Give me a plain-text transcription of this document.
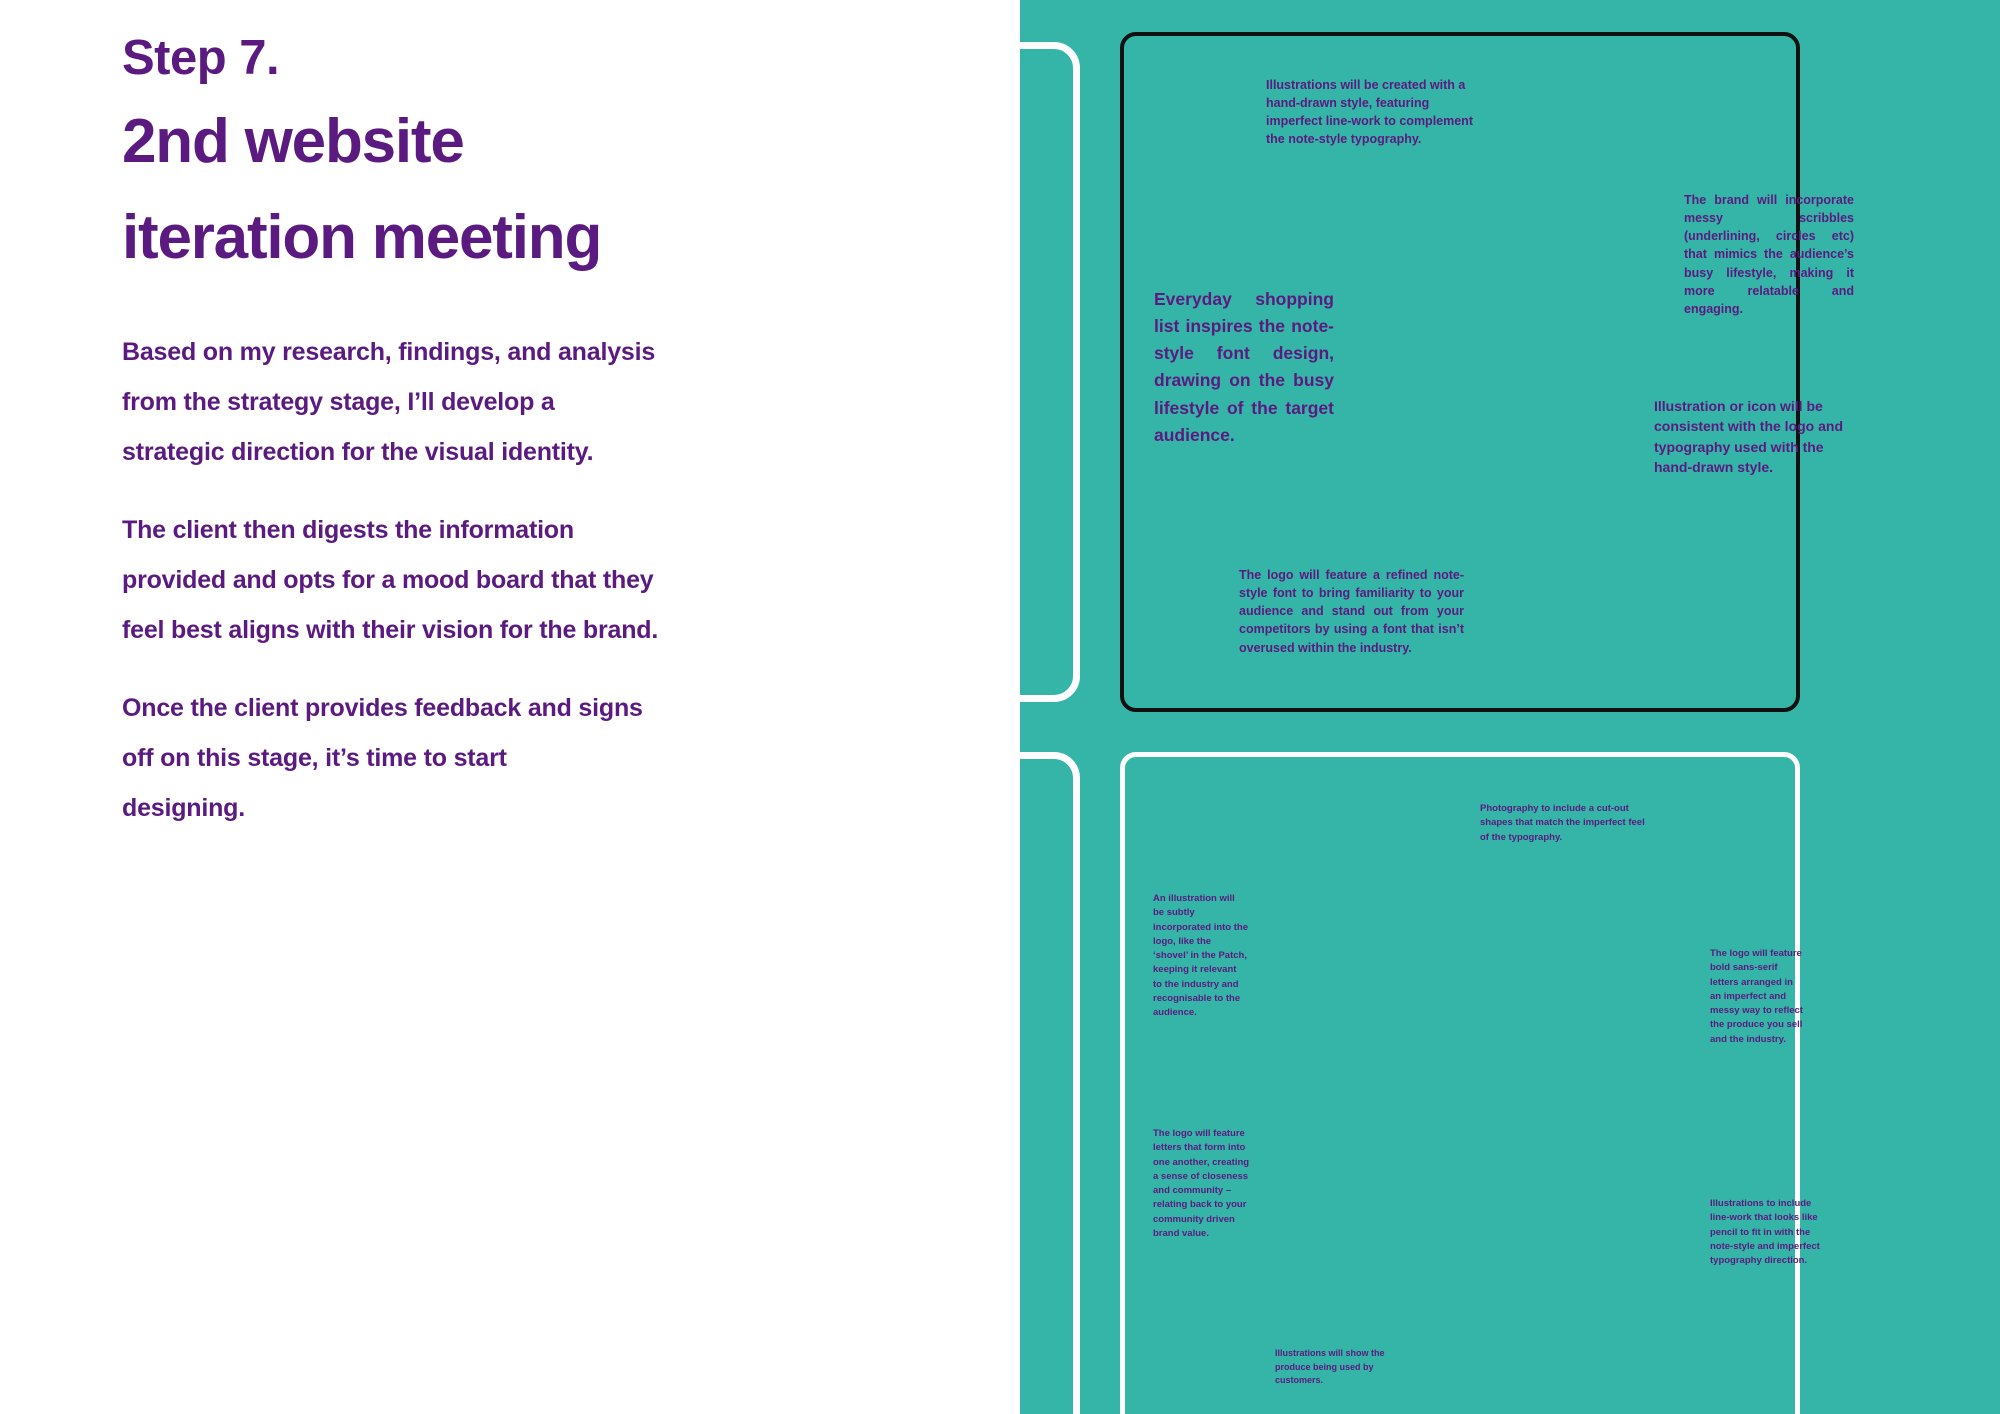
Step 7.
2nd website
iteration meeting
Based on my research, findings, and analysis
from the strategy stage, I’ll develop a
strategic direction for the visual identity.
The client then digests the information
provided and opts for a mood board that they
feel best aligns with their vision for the brand.
Once the client provides feedback and signs
off on this stage, it’s time to start
designing.
Illustrations will be created with a hand-drawn style, featuring imperfect line-work to complement the note-style typography.
The brand will incorporate messy scribbles (underlining, circles etc) that mimics the audience’s busy lifestyle, making it more relatable and engaging.
Everyday shopping list inspires the note-style font design, drawing on the busy lifestyle of the target audience.
Illustration or icon will be consistent with the logo and typography used with the hand-drawn style.
The logo will feature a refined note-style font to bring familiarity to your audience and stand out from your competitors by using a font that isn’t overused within the industry.
Photography to include a cut-out shapes that match the imperfect feel of the typography.
An illustration will be subtly incorporated into the logo, like the ‘shovel’ in the Patch, keeping it relevant to the industry and recognisable to the audience.
The logo will feature bold sans-serif letters arranged in an imperfect and messy way to reflect the produce you sell and the industry.
The logo will feature letters that form into one another, creating a sense of closeness and community – relating back to your community driven brand value.
Illustrations to include line-work that looks like pencil to fit in with the note-style and imperfect typography direction.
Illustrations will show the produce being used by customers.
